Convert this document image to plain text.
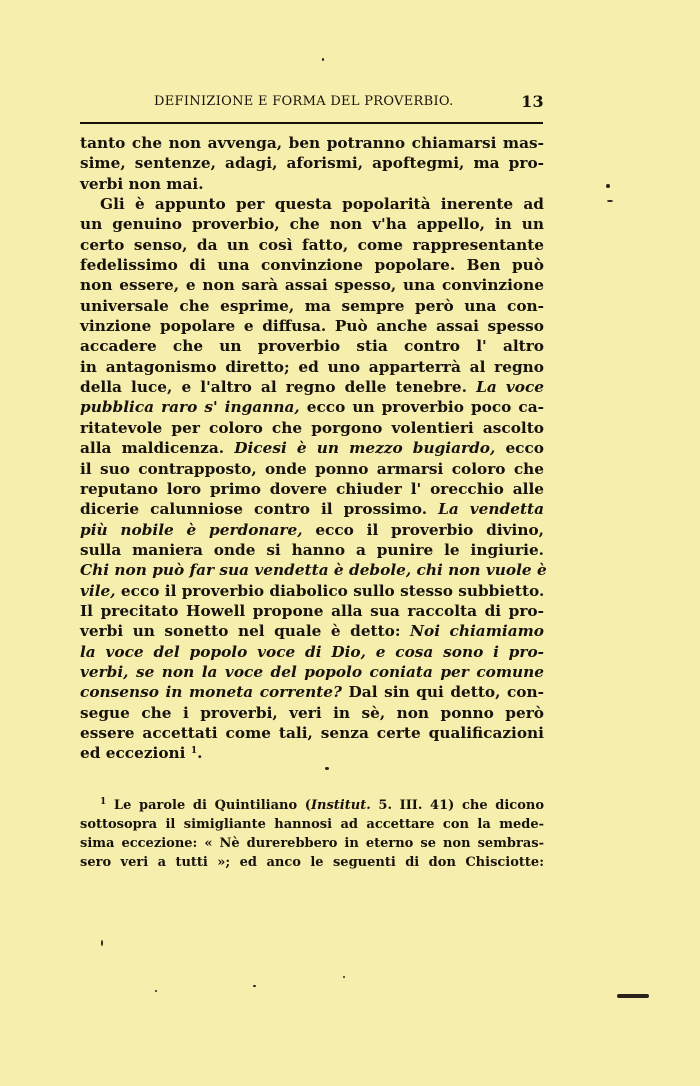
DEFINIZIONE E FORMA DEL PROVERBIO.	13
tanto che non avvenga, ben potranno chiamarsi mas-
sime, sentenze, adagi, aforismi, apoftegmi, ma pro-
verbi non mai.
Gli è appunto per questa popolarità inerente ad
un genuino proverbio, che non v'ha appello, in un
certo senso, da un così fatto, come rappresentante
fedelissimo di una convinzione popolare. Ben può
non essere, e non sarà assai spesso, una convinzione
universale che esprime, ma sempre però una con-
vinzione popolare e diffusa. Può anche assai spesso
accadere che un proverbio stia contro l' altro
in antagonismo diretto; ed uno apparterrà al regno
della luce, e l'altro al regno delle tenebre. La voce
pubblica raro s' inganna, ecco un proverbio poco ca-
ritatevole per coloro che porgono volentieri ascolto
alla maldicenza. Dicesi è un mezzo bugiardo, ecco
il suo contrapposto, onde ponno armarsi coloro che
reputano loro primo dovere chiuder l' orecchio alle
dicerie calunniose contro il prossimo. La vendetta
più nobile è perdonare, ecco il proverbio divino,
sulla maniera onde si hanno a punire le ingiurie.
Chi non può far sua vendetta è debole, chi non vuole è
vile, ecco il proverbio diabolico sullo stesso subbietto.
Il precitato Howell propone alla sua raccolta di pro-
verbi un sonetto nel quale è detto: Noi chiamiamo
la voce del popolo voce di Dio, e cosa sono i pro-
verbi, se non la voce del popolo coniata per comune
consenso in moneta corrente? Dal sin qui detto, con-
segue che i proverbi, veri in sè, non ponno però
essere accettati come tali, senza certe qualificazioni
ed eccezioni $^1$.
$^1$ Le parole di Quintiliano (Institut. 5. III. 41) che dicono
sottosopra il simigliante hannosi ad accettare con la mede-
sima eccezione: « Nè durerebbero in eterno se non sembras-
sero veri a tutti »; ed anco le seguenti di don Chisciotte:
